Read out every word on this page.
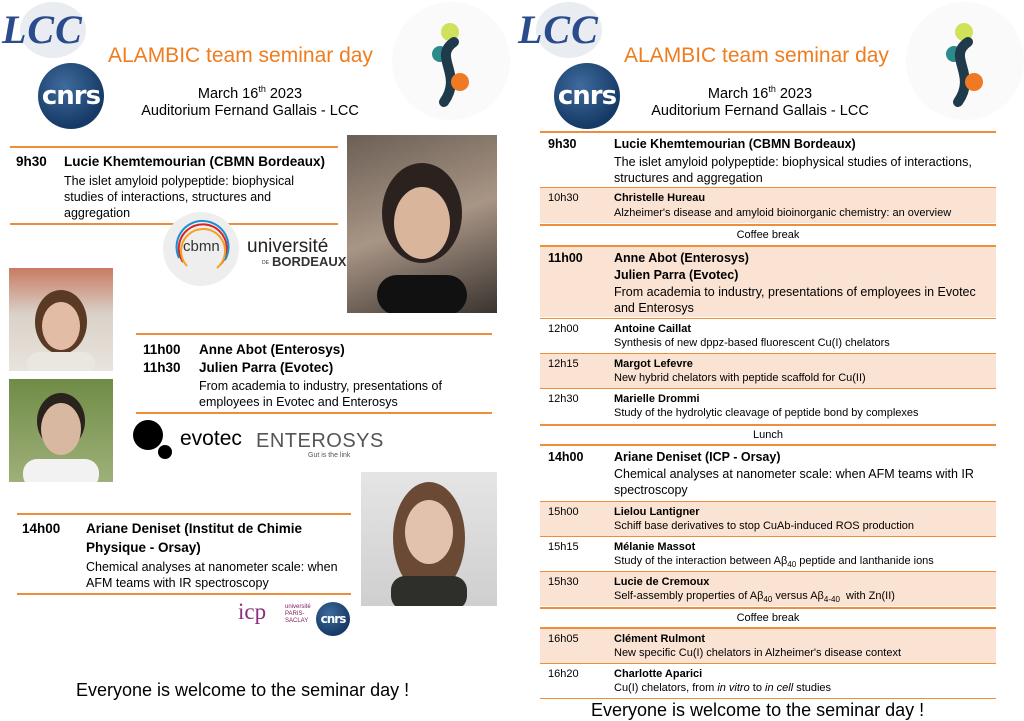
LCC
ALAMBIC team seminar day
March 16th 2023
Auditorium Fernand Gallais - LCC
cnrs
9h30 Lucie Khemtemourian (CBMN Bordeaux)
The islet amyloid polypeptide: biophysical
studies of interactions, structures and
aggregation
cbmn université
DE BORDEAUX
11h00 Anne Abot (Enterosys)
11h30 Julien Parra (Evotec)
From academia to industry, presentations of
employees in Evotec and Enterosys
evotec ENTEROSYS
Gut is the link
14h00 Ariane Deniset (Institut de Chimie
Physique - Orsay)
Chemical analyses at nanometer scale: when
AFM teams with IR spectroscopy
icp	université PARIS-SACLAY	cnrs
Everyone is welcome to the seminar day !
LCC
ALAMBIC team seminar day
March 16th 2023
Auditorium Fernand Gallais - LCC
cnrs
9h30	Lucie Khemtemourian (CBMN Bordeaux)
The islet amyloid polypeptide: biophysical studies of interactions,
structures and aggregation
10h30	Christelle Hureau
Alzheimer's disease and amyloid bioinorganic chemistry: an overview
Coffee break
11h00 Anne Abot (Enterosys)
Julien Parra (Evotec)
From academia to industry, presentations of employees in Evotec
and Enterosys
12h00	Antoine Caillat
Synthesis of new dppz-based fluorescent Cu(I) chelators
12h15	Margot Lefevre
New hybrid chelators with peptide scaffold for Cu(II)
12h30	Marielle Drommi
Study of the hydrolytic cleavage of peptide bond by complexes
Lunch
14h00 Ariane Deniset (ICP - Orsay)
Chemical analyses at nanometer scale: when AFM teams with IR
spectroscopy
15h00	Lielou Lantigner
Schiff base derivatives to stop CuAb-induced ROS production
15h15	Mélanie Massot
Study of the interaction between $A\beta_{40}$ peptide and lanthanide ions
15h30	Lucie de Cremoux
Self-assembly properties of $A\beta_{40}$ versus $A\beta_{4-40}$  with Zn(II)
Coffee break
16h05	Clément Rulmont
New specific Cu(I) chelators in Alzheimer's disease context
16h20	Charlotte Aparici
Cu(I) chelators, from in vitro to in cell studies
Everyone is welcome to the seminar day !
